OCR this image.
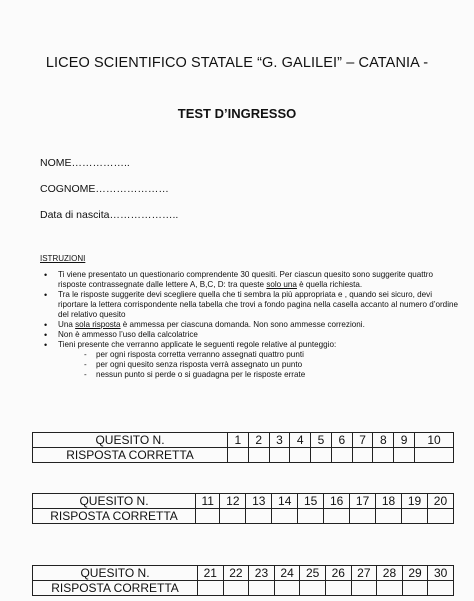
LICEO SCIENTIFICO STATALE “G. GALILEI” – CATANIA -
TEST D’INGRESSO
NOME……………..
COGNOME…………………
Data di nascita………………..
ISTRUZIONI
• Ti viene presentato un questionario comprendente 30 quesiti. Per ciascun quesito sono suggerite quattro risposte contrassegnate dalle lettere A, B,C, D: tra queste solo una è quella richiesta.
• Tra le risposte suggerite devi scegliere quella che ti sembra la più appropriata e , quando sei sicuro, devi riportare la lettera corrispondente nella tabella che trovi a fondo pagina nella casella accanto al numero d’ordine del relativo quesito
• Una sola risposta è ammessa per ciascuna domanda. Non sono ammesse correzioni.
• Non è ammesso l’uso della calcolatrice
• Tieni presente che verranno applicate le seguenti regole relative al punteggio:
- per ogni risposta corretta verranno assegnati quattro punti
- per ogni quesito senza risposta verrà assegnato un punto
- nessun punto si perde o si guadagna per le risposte errate
QUESITO N.	1	2	3	4	5	6	7	8	9	10
RISPOSTA CORRETTA										
QUESITO N.	11	12	13	14	15	16	17	18	19	20
RISPOSTA CORRETTA										
QUESITO N.	21	22	23	24	25	26	27	28	29	30
RISPOSTA CORRETTA										
